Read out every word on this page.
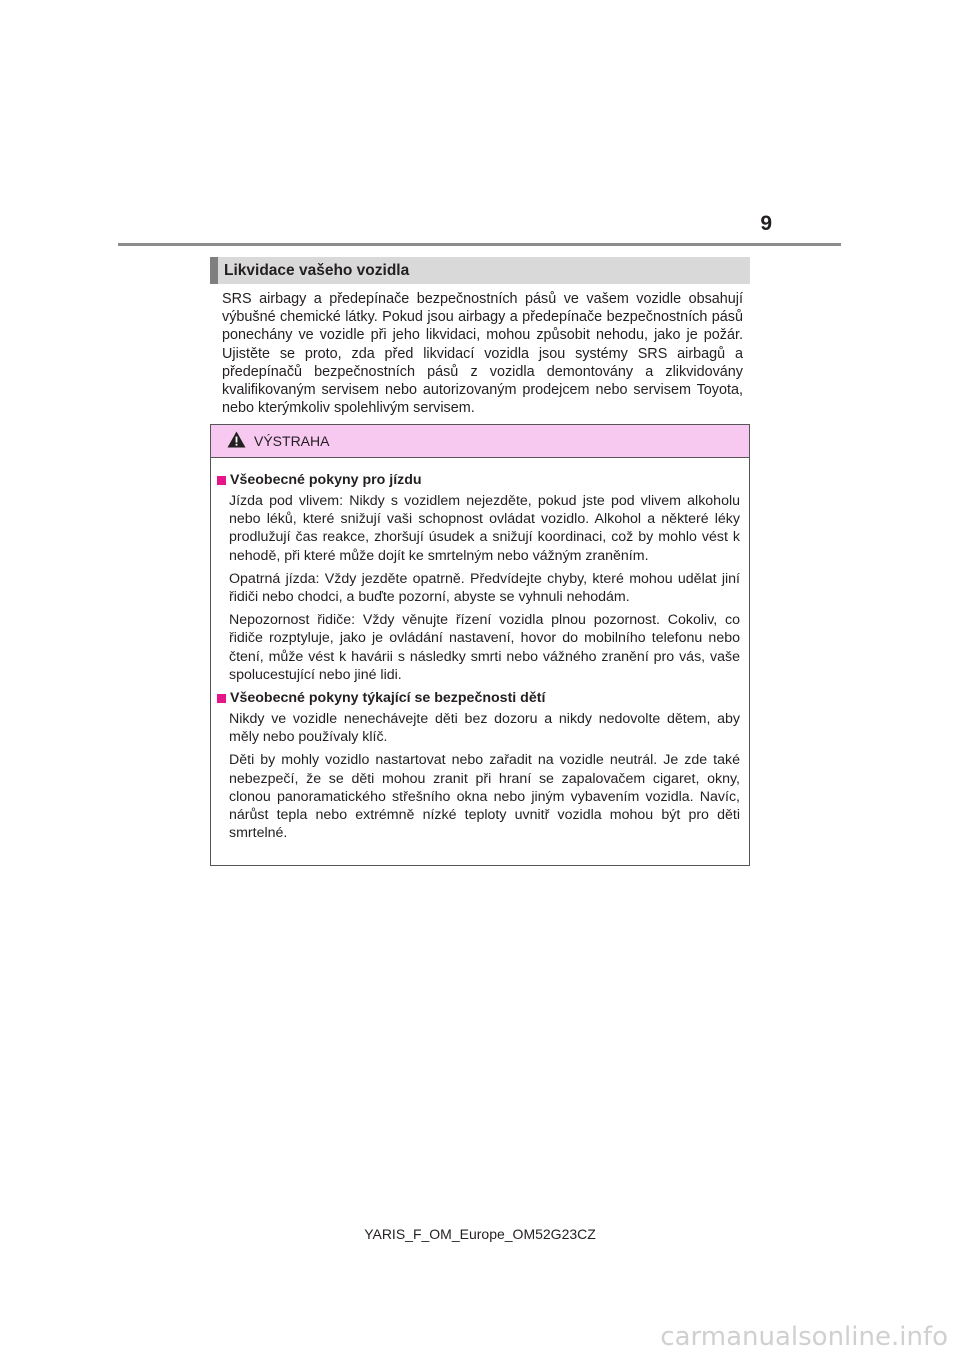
9
Likvidace vašeho vozidla

SRS airbagy a předepínače bezpečnostních pásů ve vašem vozidle obsahují výbušné chemické látky. Pokud jsou airbagy a předepínače bezpečnostních pásů ponechány ve vozidle při jeho likvidaci, mohou způsobit nehodu, jako je požár. Ujistěte se proto, zda před likvidací vozidla jsou systémy SRS airbagů a předepínačů bezpečnostních pásů z vozidla demontovány a zlikvidovány kvalifikovaným servisem nebo autorizovaným prodejcem nebo servisem Toyota, nebo kterýmkoliv spolehlivým servisem.

VÝSTRAHA
Všeobecné pokyny pro jízdu

Jízda pod vlivem: Nikdy s vozidlem nejezděte, pokud jste pod vlivem alkoholu nebo léků, které snižují vaši schopnost ovládat vozidlo. Alkohol a některé léky prodlužují čas reakce, zhoršují úsudek a snižují koordinaci, což by mohlo vést k nehodě, při které může dojít ke smrtelným nebo vážným zraněním.

Opatrná jízda: Vždy jezděte opatrně. Předvídejte chyby, které mohou udělat jiní řidiči nebo chodci, a buďte pozorní, abyste se vyhnuli nehodám.

Nepozornost řidiče: Vždy věnujte řízení vozidla plnou pozornost. Cokoliv, co řidiče rozptyluje, jako je ovládání nastavení, hovor do mobilního telefonu nebo čtení, může vést k havárii s následky smrti nebo vážného zranění pro vás, vaše spolucestující nebo jiné lidi.

Všeobecné pokyny týkající se bezpečnosti dětí

Nikdy ve vozidle nenechávejte děti bez dozoru a nikdy nedovolte dětem, aby měly nebo používaly klíč.

Děti by mohly vozidlo nastartovat nebo zařadit na vozidle neutrál. Je zde také nebezpečí, že se děti mohou zranit při hraní se zapalovačem cigaret, okny, clonou panoramatického střešního okna nebo jiným vybavením vozidla. Navíc, nárůst tepla nebo extrémně nízké teploty uvnitř vozidla mohou být pro děti smrtelné.

YARIS_F_OM_Europe_OM52G23CZ
carmanualsonline.info
